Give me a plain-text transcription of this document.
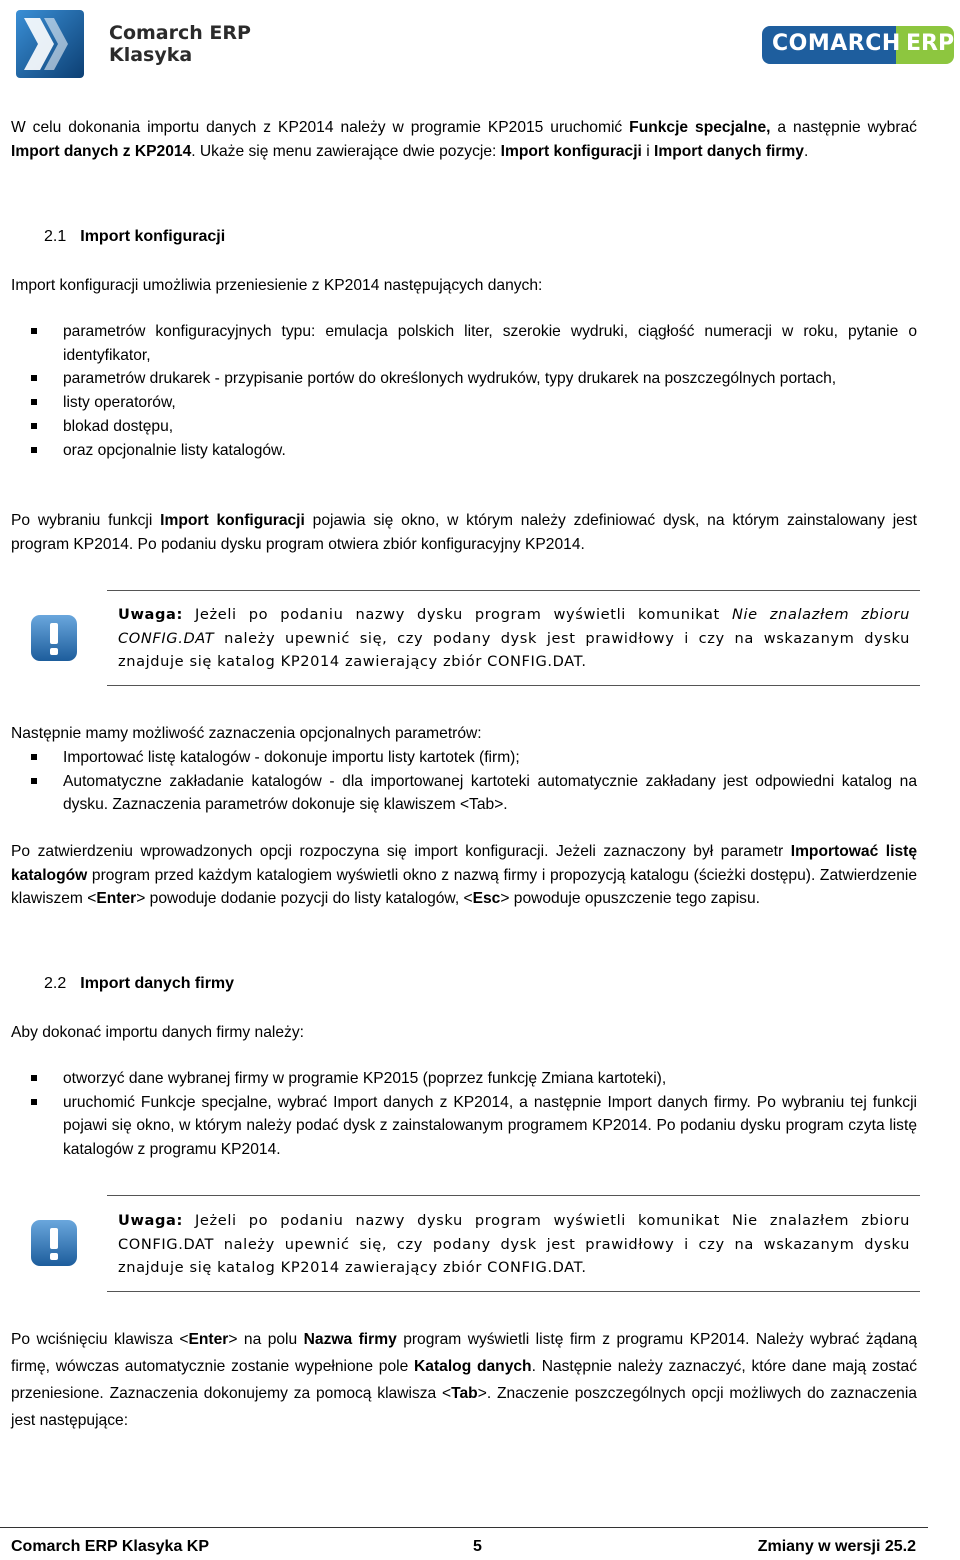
Comarch ERP
Klasyka	COMARCH ERP

W celu dokonania importu danych z KP2014 należy w programie KP2015 uruchomić Funkcje specjalne, a następnie wybrać Import danych z KP2014. Ukaże się menu zawierające dwie pozycje: Import konfiguracji i Import danych firmy.

2.1 Import konfiguracji

Import konfiguracji umożliwia przeniesienie z KP2014 następujących danych:

parametrów konfiguracyjnych typu: emulacja polskich liter, szerokie wydruki, ciągłość numeracji w roku, pytanie o identyfikator,
parametrów drukarek - przypisanie portów do określonych wydruków, typy drukarek na poszczególnych portach,
listy operatorów,
blokad dostępu,
oraz opcjonalnie listy katalogów.

Po wybraniu funkcji Import konfiguracji pojawia się okno, w którym należy zdefiniować dysk, na którym zainstalowany jest program KP2014. Po podaniu dysku program otwiera zbiór konfiguracyjny KP2014.

Uwaga: Jeżeli po podaniu nazwy dysku program wyświetli komunikat Nie znalazłem zbioru CONFIG.DAT należy upewnić się, czy podany dysk jest prawidłowy i czy na wskazanym dysku znajduje się katalog KP2014 zawierający zbiór CONFIG.DAT.

Następnie mamy możliwość zaznaczenia opcjonalnych parametrów:

Importować listę katalogów - dokonuje importu listy kartotek (firm);
Automatyczne zakładanie katalogów - dla importowanej kartoteki automatycznie zakładany jest odpowiedni katalog na dysku. Zaznaczenia parametrów dokonuje się klawiszem <Tab>.

Po zatwierdzeniu wprowadzonych opcji rozpoczyna się import konfiguracji. Jeżeli zaznaczony był parametr Importować listę katalogów program przed każdym katalogiem wyświetli okno z nazwą firmy i propozycją katalogu (ścieżki dostępu). Zatwierdzenie klawiszem <Enter> powoduje dodanie pozycji do listy katalogów, <Esc> powoduje opuszczenie tego zapisu.

2.2 Import danych firmy

Aby dokonać importu danych firmy należy:

otworzyć dane wybranej firmy w programie KP2015 (poprzez funkcję Zmiana kartoteki),
uruchomić Funkcje specjalne, wybrać Import danych z KP2014, a następnie Import danych firmy. Po wybraniu tej funkcji pojawi się okno, w którym należy podać dysk z zainstalowanym programem KP2014. Po podaniu dysku program czyta listę katalogów z programu KP2014.

Uwaga: Jeżeli po podaniu nazwy dysku program wyświetli komunikat Nie znalazłem zbioru CONFIG.DAT należy upewnić się, czy podany dysk jest prawidłowy i czy na wskazanym dysku znajduje się katalog KP2014 zawierający zbiór CONFIG.DAT.

Po wciśnięciu klawisza <Enter> na polu Nazwa firmy program wyświetli listę firm z programu KP2014. Należy wybrać żądaną firmę, wówczas automatycznie zostanie wypełnione pole Katalog danych. Następnie należy zaznaczyć, które dane mają zostać przeniesione. Zaznaczenia dokonujemy za pomocą klawisza <Tab>. Znaczenie poszczególnych opcji możliwych do zaznaczenia jest następujące:

Comarch ERP Klasyka KP	5	Zmiany w wersji 25.2
